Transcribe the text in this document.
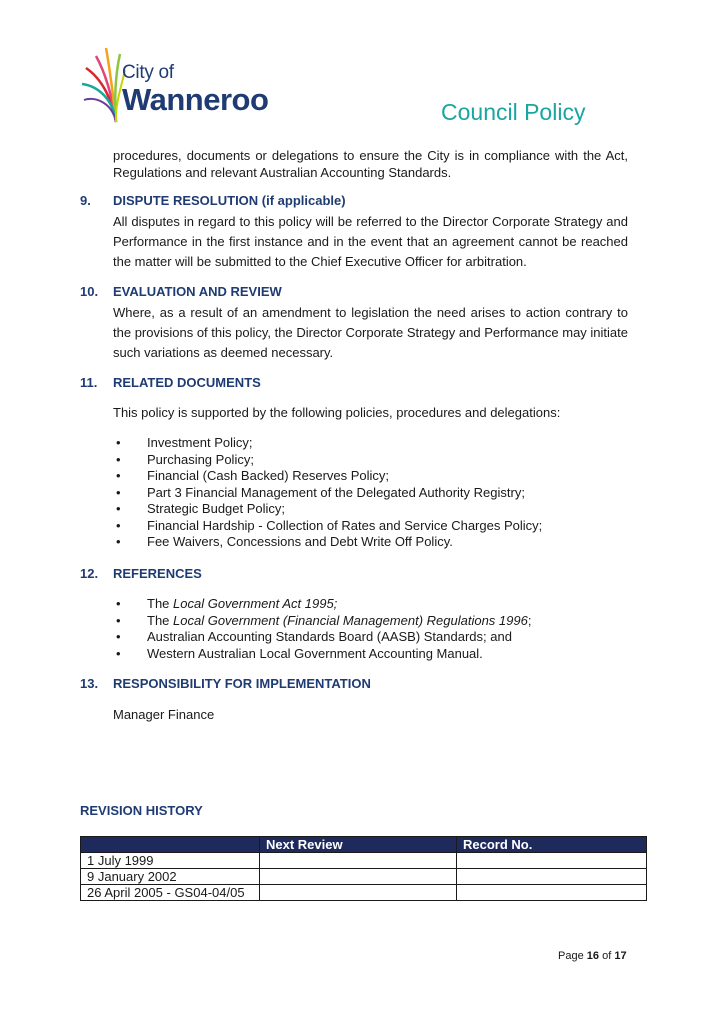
City of
Wanneroo	Council Policy
procedures, documents or delegations to ensure the City is in compliance with the Act, Regulations and relevant Australian Accounting Standards.
9. DISPUTE RESOLUTION (if applicable)
All disputes in regard to this policy will be referred to the Director Corporate Strategy and Performance in the first instance and in the event that an agreement cannot be reached the matter will be submitted to the Chief Executive Officer for arbitration.
10. EVALUATION AND REVIEW
Where, as a result of an amendment to legislation the need arises to action contrary to the provisions of this policy, the Director Corporate Strategy and Performance may initiate such variations as deemed necessary.
11. RELATED DOCUMENTS
This policy is supported by the following policies, procedures and delegations:
• Investment Policy;
• Purchasing Policy;
• Financial (Cash Backed) Reserves Policy;
• Part 3 Financial Management of the Delegated Authority Registry;
• Strategic Budget Policy;
• Financial Hardship - Collection of Rates and Service Charges Policy;
• Fee Waivers, Concessions and Debt Write Off Policy.
12. REFERENCES
• The Local Government Act 1995;
• The Local Government (Financial Management) Regulations 1996;
• Australian Accounting Standards Board (AASB) Standards; and
• Western Australian Local Government Accounting Manual.
13. RESPONSIBILITY FOR IMPLEMENTATION
Manager Finance
REVISION HISTORY
	Next Review	Record No.
1 July 1999		
9 January 2002		
26 April 2005 - GS04-04/05		
Page 16 of 17
